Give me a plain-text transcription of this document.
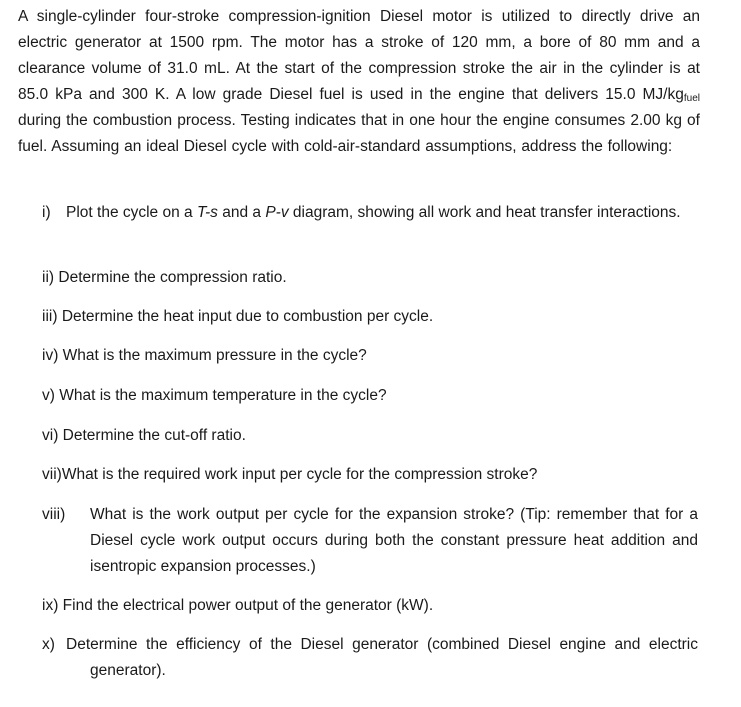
A single-cylinder four-stroke compression-ignition Diesel motor is utilized to directly drive an electric generator at 1500 rpm. The motor has a stroke of 120 mm, a bore of 80 mm and a clearance volume of 31.0 mL. At the start of the compression stroke the air in the cylinder is at 85.0 kPa and 300 K. A low grade Diesel fuel is used in the engine that delivers 15.0 $MJ/kg_{fuel}$ during the combustion process. Testing indicates that in one hour the engine consumes 2.00 kg of fuel. Assuming an ideal Diesel cycle with cold-air-standard assumptions, address the following:

i) Plot the cycle on a T-s and a P-v diagram, showing all work and heat transfer interactions.
ii) Determine the compression ratio.
iii) Determine the heat input due to combustion per cycle.
iv) What is the maximum pressure in the cycle?
v) What is the maximum temperature in the cycle?
vi) Determine the cut-off ratio.
vii)What is the required work input per cycle for the compression stroke?
viii) What is the work output per cycle for the expansion stroke? (Tip: remember that for a Diesel cycle work output occurs during both the constant pressure heat addition and isentropic expansion processes.)
ix) Find the electrical power output of the generator (kW).
x) Determine the efficiency of the Diesel generator (combined Diesel engine and electric generator).
